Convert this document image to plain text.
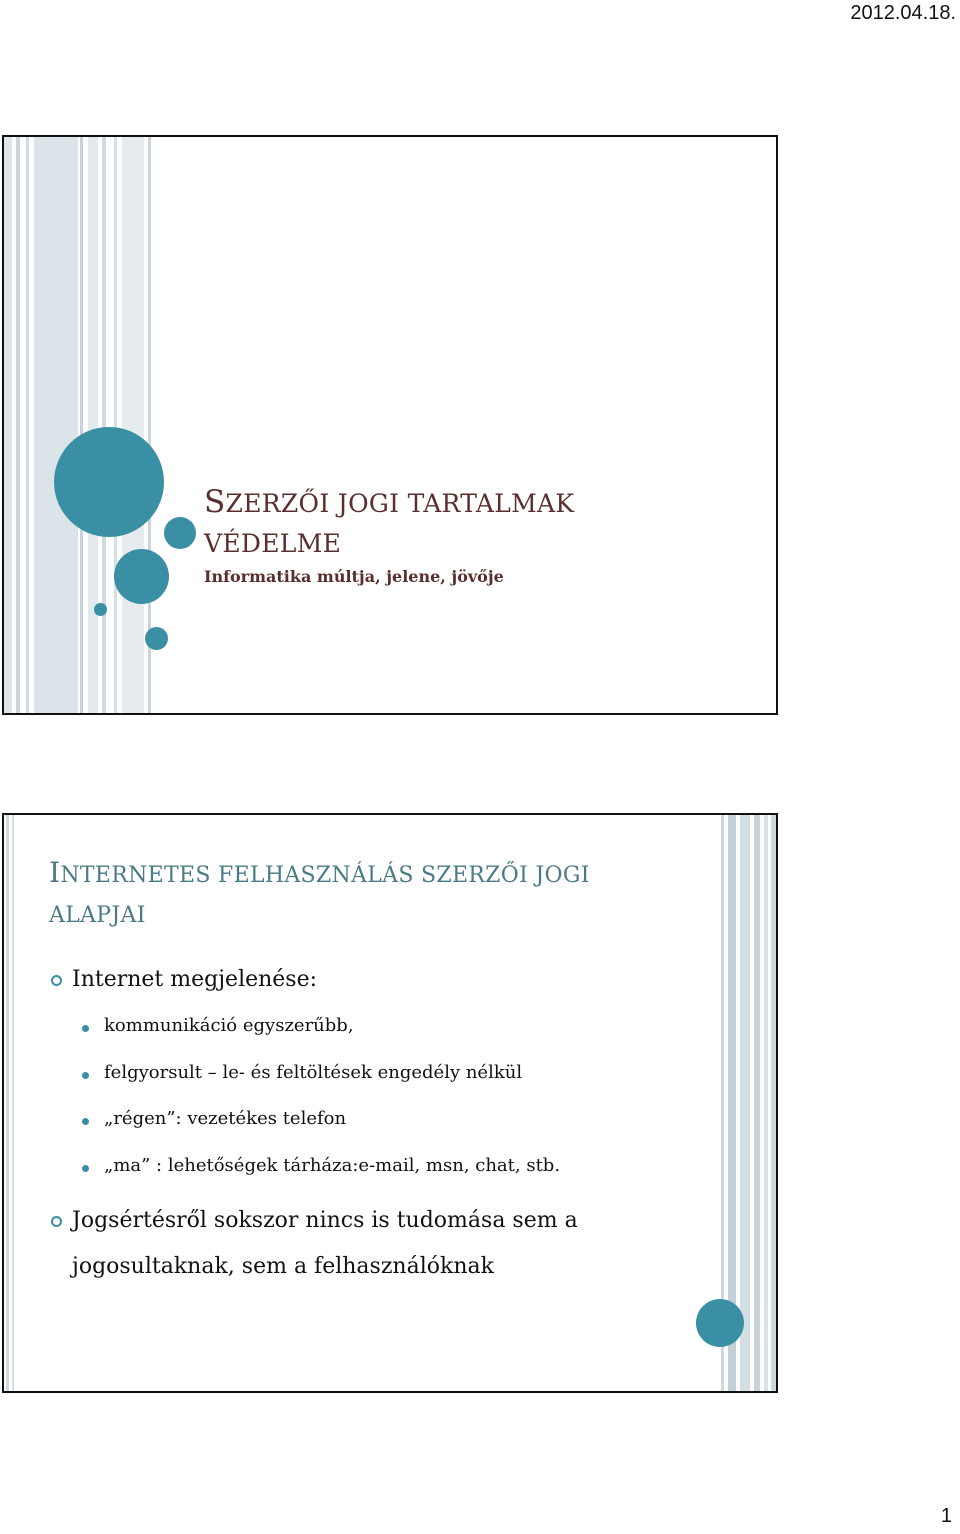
2012.04.18.
SZERZŐI JOGI TARTALMAK
VÉDELME
Informatika múltja, jelene, jövője
INTERNETES FELHASZNÁLÁS SZERZŐI JOGI
ALAPJAI
Internet megjelenése:
kommunikáció egyszerűbb,
felgyorsult – le- és feltöltések engedély nélkül
„régen”: vezetékes telefon
„ma” : lehetőségek tárháza:e-mail, msn, chat, stb.
Jogsértésről sokszor nincs is tudomása sem a
jogosultaknak, sem a felhasználóknak
1
